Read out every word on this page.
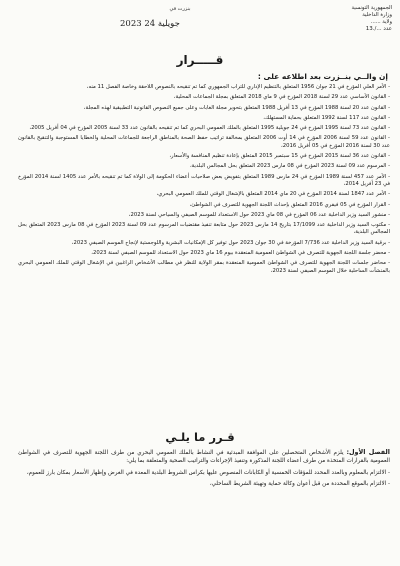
الجمهورية التونسية
وزارة الداخلية
ولاية ......
عدد .../.13
بنزرت في
2023 جويلية 24
قـــــرار
إن والــي بنــزرت بعد اطلاعه على :
- الأمر العلي المؤرخ في 21 جوان 1956 المتعلق بالتنظيم الإداري للتراب الجمهوري كما تم تنقيحه بالنصوص اللاحقة وخاصة الفصل 11 منه،
- القانون الأساسي عدد 29 لسنة 2018 المؤرخ في 9 ماي 2018 المتعلق بمجلة الجماعات المحلية،
- القانون عدد 20 لسنة 1988 المؤرخ في 13 أفريل 1988 المتعلق بتحوير مجلة الغابات وعلى جميع النصوص القانونية التطبيقية لهذه المجلة،
- القانون عدد 117 لسنة 1992 المتعلق بحماية المستهلك،
- القانون عدد 73 لسنة 1995 المؤرخ في 24 جويلية 1995 المتعلق بالملك العمومي البحري كما تم تنقيحه بالقانون عدد 33 لسنة 2005 المؤرخ في 04 أفريل 2005،
- القانون عدد 59 لسنة 2006 المؤرخ في 14 أوت 2006 المتعلق بمخالفة تراتيب حفظ الصحة بالمناطق الراجعة للجماعات المحلية والخطايا المستوجبة والتنقيح بالقانون عدد 30 لسنة 2016 المؤرخ في 05 أفريل 2016،
- القانون عدد 36 لسنة 2015 المؤرخ في 15 سبتمبر 2015 المتعلق بإعادة تنظيم المنافسة والأسعار،
- المرسوم عدد 09 لسنة 2023 المؤرخ في 08 مارس 2023 المتعلق بحل المجالس البلدية،
- الأمر عدد 457 لسنة 1989 المؤرخ في 24 مارس 1989 المتعلق بتفويض بعض صلاحيات أعضاء الحكومة إلى الولاة كما تم تنقيحه بالأمر عدد 1405 لسنة 2014 المؤرخ في 23 أفريل 2014،
- الأمر عدد 1847 لسنة 2014 المؤرخ في 20 ماي 2014 المتعلق بالإشغال الوقتي للملك العمومي البحري،
- القرار المؤرخ في 05 فيفري 2016 المتعلق بإحداث اللجنة الجهوية للتصرف في الشواطئ،
- منشور السيد وزير الداخلية عدد 06 المؤرخ في 08 ماي 2023 حول الاستعداد للموسم الصيفي والسياحي لسنة 2023،
- مكتوب السيد وزير الداخلية عدد 17/1099 بتاريخ 14 مارس 2023 حول متابعة تنفيذ مقتضيات المرسوم عدد 09 لسنة 2023 المؤرخ في 08 مارس 2023 المتعلق بحل المجالس البلدية،
- برقية السيد وزير الداخلية عدد 7/736 المؤرخة في 30 جوان 2023 حول توفير كل الإمكانيات البشرية واللوجستية لإنجاح الموسم الصيفي 2023،
- محضر جلسة اللجنة الجهوية للتصرف في الشواطئ العمومية المنعقدة بيوم 16 ماي 2023 حول الاستعداد للموسم الصيفي لسنة 2023،
- محاضر جلسات اللجنة الجهوية للتصرف في الشواطئ العمومية المنعقدة بمقر الولاية للنظر في مطالب الأشخاص الراغبين في الإشغال الوقتي للملك العمومي البحري بالمنشآت الساحلية خلال الموسم الصيفي لسنة 2023،
قـرر ما يلـي

الفصل الأول: يلزم الأشخاص المتحصلين على الموافقة المبدئية في النشاط بالملك العمومي البحري من طرف اللجنة الجهوية للتصرف في الشواطئ العمومية بالقرارات المتخذة من طرف أعضاء اللجنة المذكورة وتنفيذ الإجراءات والتراتيب الصحية والمتعلقة بما يلي:

- الالتزام بالمعلوم وبالعدد المحدد للمؤقات الخمسية أو الكابانات المنصوص عليها بكراس الشروط البلدية المعدة في الغرض وإظهار الأسعار بمكان بارز للعموم،

- الالتزام بالموقع المحددة من قبل أعوان وكالة حماية وتهيئة الشريط الساحلي،
